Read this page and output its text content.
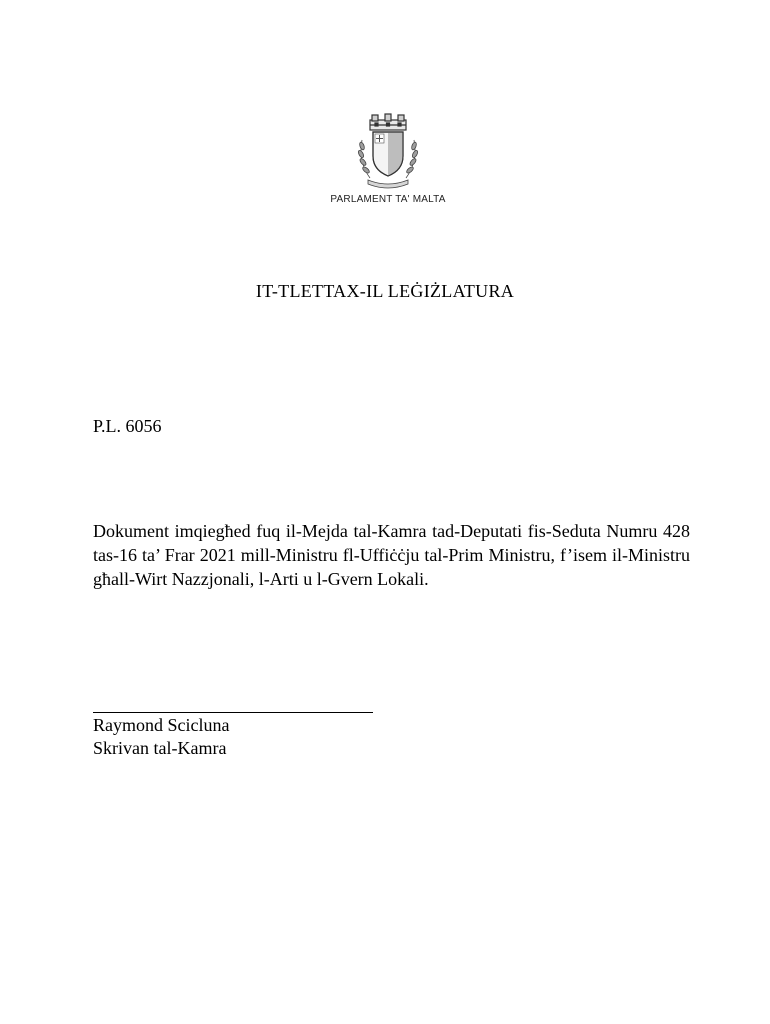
PARLAMENT TA' MALTA
IT-TLETTAX-IL LEĠIŻLATURA
P.L. 6056

Dokument imqiegħed fuq il-Mejda tal-Kamra tad-Deputati fis-Seduta Numru 428 tas-16 ta’ Frar 2021 mill-Ministru fl-Uffiċċju tal-Prim Ministru, f’isem il-Ministru għall-Wirt Nazzjonali, l-Arti u l-Gvern Lokali.

Raymond Scicluna
Skrivan tal-Kamra
